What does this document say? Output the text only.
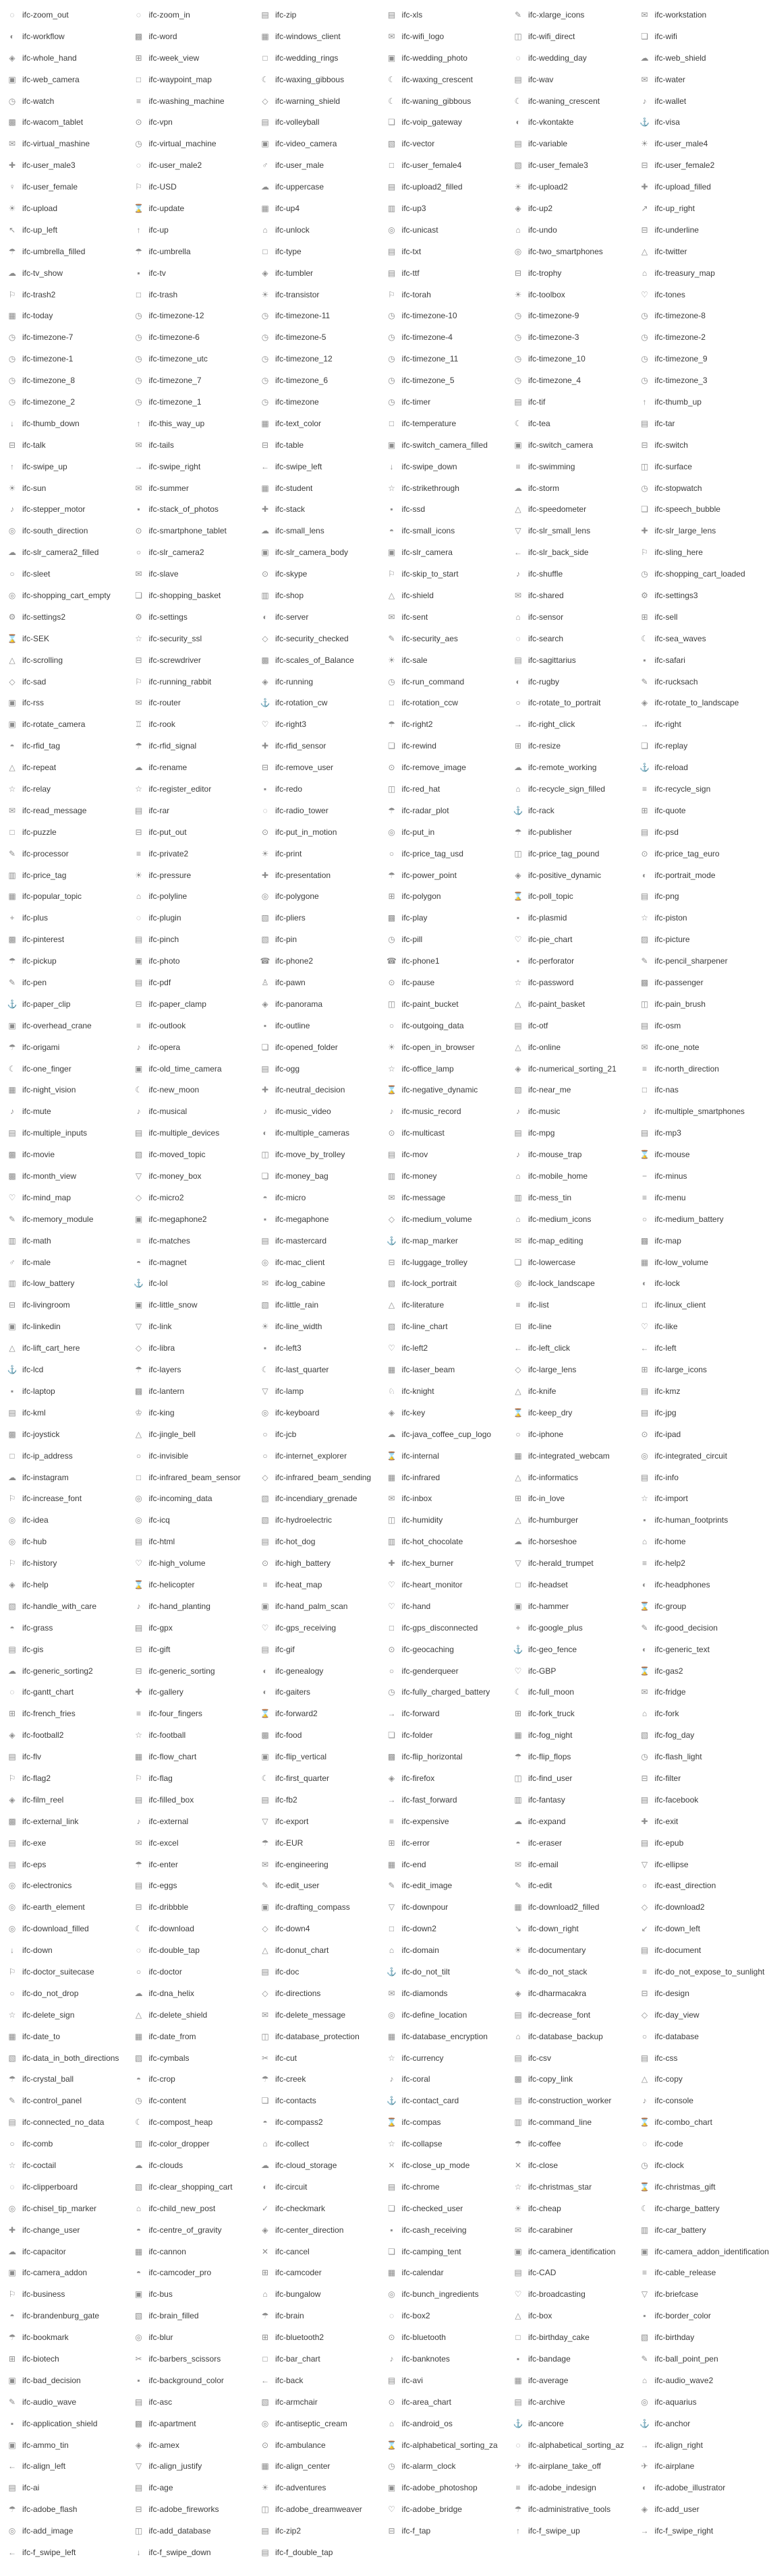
◌ ifc-zoom_out	◌ ifc-zoom_in	▤ ifc-zip	▤ ifc-xls	✎ ifc-xlarge_icons	✉ ifc-workstation
◐ ifc-workflow	▩ ifc-word	▦ ifc-windows_client	✉ ifc-wifi_logo	◫ ifc-wifi_direct	❏ ifc-wifi
◈ ifc-whole_hand	⊞ ifc-week_view	□ ifc-wedding_rings	▣ ifc-wedding_photo	◌ ifc-wedding_day	☁ ifc-web_shield
▣ ifc-web_camera	□ ifc-waypoint_map	☾ ifc-waxing_gibbous	☾ ifc-waxing_crescent	▤ ifc-wav	✉ ifc-water
◷ ifc-watch	≡ ifc-washing_machine	◇ ifc-warning_shield	☾ ifc-waning_gibbous	☾ ifc-waning_crescent	♪	ifc-wallet
▩ ifc-wacom_tablet	⊙ ifc-vpn	▤ ifc-volleyball	❏ ifc-voip_gateway	◐ ifc-vkontakte	⚓ ifc-visa
✉ ifc-virtual_mashine	◷ ifc-virtual_machine	▣ ifc-video_camera	▧ ifc-vector	▤ ifc-variable	☀ ifc-user_male4
✚ ifc-user_male3	◌ ifc-user_male2	♂ ifc-user_male	□ ifc-user_female4	▧ ifc-user_female3	⊟ ifc-user_female2
♀ ifc-user_female	⚐ ifc-USD	☁ ifc-uppercase	▤ ifc-upload2_filled	☀ ifc-upload2	✚ ifc-upload_filled
☀ ifc-upload	⌛ ifc-update	▦ ifc-up4	▥ ifc-up3	◈ ifc-up2	↗ ifc-up_right
↖ ifc-up_left	↑	ifc-up	⌂ ifc-unlock	◎ ifc-unicast	⌂ ifc-undo	⊟ ifc-underline
☂ ifc-umbrella_filled	☂ ifc-umbrella	□ ifc-type	▤ ifc-txt	◎ ifc-two_smartphones	△ ifc-twitter
☁ ifc-tv_show	▪	ifc-tv	◈ ifc-tumbler	▤ ifc-ttf	⊟ ifc-trophy	⌂ ifc-treasury_map
⚐ ifc-trash2	□ ifc-trash	☀ ifc-transistor	⚐ ifc-torah	☀ ifc-toolbox	♡ ifc-tones
▦ ifc-today	◷ ifc-timezone-12	◷ ifc-timezone-11	◷ ifc-timezone-10	◷ ifc-timezone-9	◷ ifc-timezone-8
◷ ifc-timezone-7	◷ ifc-timezone-6	◷ ifc-timezone-5	◷ ifc-timezone-4	◷ ifc-timezone-3	◷ ifc-timezone-2
◷ ifc-timezone-1	◷ ifc-timezone_utc	◷ ifc-timezone_12	◷ ifc-timezone_11	◷ ifc-timezone_10	◷ ifc-timezone_9
◷ ifc-timezone_8	◷ ifc-timezone_7	◷ ifc-timezone_6	◷ ifc-timezone_5	◷ ifc-timezone_4	◷ ifc-timezone_3
◷ ifc-timezone_2	◷ ifc-timezone_1	◷ ifc-timezone	◷ ifc-timer	▤ ifc-tif	↑	ifc-thumb_up
↓	ifc-thumb_down	↑	ifc-this_way_up	▦ ifc-text_color	□ ifc-temperature	☾ ifc-tea	▤ ifc-tar
⊟ ifc-talk	✉ ifc-tails	⊟ ifc-table	▣ ifc-switch_camera_filled	▣ ifc-switch_camera	⊟ ifc-switch
↑	ifc-swipe_up	→ ifc-swipe_right	← ifc-swipe_left	↓	ifc-swipe_down	≡ ifc-swimming	◫ ifc-surface
☀ ifc-sun	✉ ifc-summer	▦ ifc-student	☆ ifc-strikethrough	☁ ifc-storm	◷ ifc-stopwatch
♪	ifc-stepper_motor	▪	ifc-stack_of_photos	✚ ifc-stack	▪	ifc-ssd	△ ifc-speedometer	❏ ifc-speech_bubble
◎ ifc-south_direction	⊙ ifc-smartphone_tablet	☁ ifc-small_lens	◓ ifc-small_icons	▽ ifc-slr_small_lens	✚ ifc-slr_large_lens
☁ ifc-slr_camera2_filled	○ ifc-slr_camera2	▣ ifc-slr_camera_body	▣ ifc-slr_camera	← ifc-slr_back_side	⚐ ifc-sling_here
○ ifc-sleet	✉ ifc-slave	⊙ ifc-skype	⚐ ifc-skip_to_start	♪	ifc-shuffle	◷ ifc-shopping_cart_loaded
◎ ifc-shopping_cart_empty	❏ ifc-shopping_basket	▥ ifc-shop	△ ifc-shield	✉ ifc-shared	⚙ ifc-settings3
⚙ ifc-settings2	⚙ ifc-settings	◐ ifc-server	✉ ifc-sent	⌂ ifc-sensor	⊞ ifc-sell
⌛ ifc-SEK	☆ ifc-security_ssl	◇ ifc-security_checked	✎ ifc-security_aes	◌ ifc-search	☾ ifc-sea_waves
△ ifc-scrolling	⊟ ifc-screwdriver	▩ ifc-scales_of_Balance	☀ ifc-sale	▤ ifc-sagittarius	▪	ifc-safari
◇ ifc-sad	⚐ ifc-running_rabbit	◈ ifc-running	◷ ifc-run_command	◐ ifc-rugby	✎ ifc-rucksach
▣ ifc-rss	✉ ifc-router	⚓ ifc-rotation_cw	□ ifc-rotation_ccw	○ ifc-rotate_to_portrait	◈ ifc-rotate_to_landscape
▣ ifc-rotate_camera	♖ ifc-rook	♡ ifc-right3	☂ ifc-right2	→ ifc-right_click	→ ifc-right
◓ ifc-rfid_tag	☂ ifc-rfid_signal	✚ ifc-rfid_sensor	❏ ifc-rewind	⊞ ifc-resize	❏ ifc-replay
△ ifc-repeat	☁ ifc-rename	⊟ ifc-remove_user	⊙ ifc-remove_image	☁ ifc-remote_working	⚓ ifc-reload
☆ ifc-relay	☆ ifc-register_editor	▪	ifc-redo	◫ ifc-red_hat	⌂ ifc-recycle_sign_filled	≡ ifc-recycle_sign
✉ ifc-read_message	▤ ifc-rar	◌ ifc-radio_tower	☂ ifc-radar_plot	⚓ ifc-rack	⊞ ifc-quote
□ ifc-puzzle	⊟ ifc-put_out	⊙ ifc-put_in_motion	◎ ifc-put_in	☂ ifc-publisher	▤ ifc-psd
✎ ifc-processor	≡ ifc-private2	☀ ifc-print	○ ifc-price_tag_usd	◫ ifc-price_tag_pound	⊙ ifc-price_tag_euro
▥ ifc-price_tag	☀ ifc-pressure	✚ ifc-presentation	☂ ifc-power_point	◈ ifc-positive_dynamic	◐ ifc-portrait_mode
▦ ifc-popular_topic	⌂ ifc-polyline	◎ ifc-polygone	⊞ ifc-polygon	⌛ ifc-poll_topic	▤ ifc-png
+ ifc-plus	◌ ifc-plugin	▧ ifc-pliers	▩ ifc-play	▪	ifc-plasmid	☆ ifc-piston
▩ ifc-pinterest	▤ ifc-pinch	▧ ifc-pin	◷ ifc-pill	♡ ifc-pie_chart	▨ ifc-picture
☂ ifc-pickup	▣ ifc-photo	☎ ifc-phone2	☎ ifc-phone1	▪	ifc-perforator	✎ ifc-pencil_sharpener
✎ ifc-pen	▤ ifc-pdf	♙ ifc-pawn	⊙ ifc-pause	☆ ifc-password	▩ ifc-passenger
⚓ ifc-paper_clip	⊟ ifc-paper_clamp	◈ ifc-panorama	◫ ifc-paint_bucket	△ ifc-paint_basket	◫ ifc-pain_brush
▣ ifc-overhead_crane	≡ ifc-outlook	▪	ifc-outline	○ ifc-outgoing_data	▤ ifc-otf	▤ ifc-osm
☂ ifc-origami	♪	ifc-opera	❏ ifc-opened_folder	☀ ifc-open_in_browser	△ ifc-online	✉ ifc-one_note
☾ ifc-one_finger	▣ ifc-old_time_camera	▤ ifc-ogg	☆ ifc-office_lamp	◈ ifc-numerical_sorting_21	≡ ifc-north_direction
▦ ifc-night_vision	☾ ifc-new_moon	✚ ifc-neutral_decision	⌛ ifc-negative_dynamic	▧ ifc-near_me	□ ifc-nas
♪	ifc-mute	♪	ifc-musical	♪	ifc-music_video	♪	ifc-music_record	♪	ifc-music	♪	ifc-multiple_smartphones
▤ ifc-multiple_inputs	▤ ifc-multiple_devices	◐ ifc-multiple_cameras	⊙ ifc-multicast	▤ ifc-mpg	▤ ifc-mp3
▩ ifc-movie	▧ ifc-moved_topic	◫ ifc-move_by_trolley	▤ ifc-mov	♪	ifc-mouse_trap	⌛ ifc-mouse
▩ ifc-month_view	▽ ifc-money_box	❏ ifc-money_bag	▥ ifc-money	⌂ ifc-mobile_home	− ifc-minus
♡ ifc-mind_map	◇ ifc-micro2	◓ ifc-micro	✉ ifc-message	▥ ifc-mess_tin	≡ ifc-menu
✎ ifc-memory_module	▣ ifc-megaphone2	▪	ifc-megaphone	◇ ifc-medium_volume	⌂ ifc-medium_icons	○ ifc-medium_battery
▥ ifc-math	≡ ifc-matches	▤ ifc-mastercard	⚓ ifc-map_marker	✉ ifc-map_editing	▩ ifc-map
♂ ifc-male	◓ ifc-magnet	◎ ifc-mac_client	⊟ ifc-luggage_trolley	❏ ifc-lowercase	▦ ifc-low_volume
▥ ifc-low_battery	⚓ ifc-lol	✉ ifc-log_cabine	▧ ifc-lock_portrait	◎ ifc-lock_landscape	◐ ifc-lock
⊟ ifc-livingroom	▣ ifc-little_snow	▧ ifc-little_rain	△ ifc-literature	≡ ifc-list	□ ifc-linux_client
▣ ifc-linkedin	▽ ifc-link	☀ ifc-line_width	▧ ifc-line_chart	⊟ ifc-line	♡ ifc-like
△ ifc-lift_cart_here	◇ ifc-libra	▪	ifc-left3	♡ ifc-left2	← ifc-left_click	← ifc-left
⚓ ifc-lcd	☂ ifc-layers	☾ ifc-last_quarter	▦ ifc-laser_beam	◇ ifc-large_lens	⊞ ifc-large_icons
▪	ifc-laptop	▩ ifc-lantern	▽ ifc-lamp	♘ ifc-knight	△ ifc-knife	▤ ifc-kmz
▤ ifc-kml	♔ ifc-king	◎ ifc-keyboard	◈ ifc-key	⌛ ifc-keep_dry	▤ ifc-jpg
▩ ifc-joystick	△ ifc-jingle_bell	○ ifc-jcb	☁ ifc-java_coffee_cup_logo	○ ifc-iphone	⊙ ifc-ipad
□ ifc-ip_address	○ ifc-invisible	○ ifc-internet_explorer	⌛ ifc-internal	▦ ifc-integrated_webcam	◎ ifc-integrated_circuit
☁ ifc-instagram	□ ifc-infrared_beam_sensor	◇ ifc-infrared_beam_sending ▦ ifc-infrared	△ ifc-informatics	▤ ifc-info
⚐ ifc-increase_font	◎ ifc-incoming_data	▧ ifc-incendiary_grenade	✉ ifc-inbox	⊞ ifc-in_love	☆ ifc-import
◎ ifc-idea	◎ ifc-icq	▧ ifc-hydroelectric	◫ ifc-humidity	△ ifc-humburger	▪	ifc-human_footprints
◎ ifc-hub	▤ ifc-html	▤ ifc-hot_dog	▥ ifc-hot_chocolate	☁ ifc-horseshoe	⌂ ifc-home
⚐ ifc-history	♡ ifc-high_volume	⊙ ifc-high_battery	✚ ifc-hex_burner	▽ ifc-herald_trumpet	≡ ifc-help2
◈ ifc-help	⌛ ifc-helicopter	≡ ifc-heat_map	♡ ifc-heart_monitor	□ ifc-headset	◐ ifc-headphones
▧ ifc-handle_with_care	♪	ifc-hand_planting	▣ ifc-hand_palm_scan	♡ ifc-hand	▣ ifc-hammer	⌛ ifc-group
◓ ifc-grass	▤ ifc-gpx	♡ ifc-gps_receiving	□ ifc-gps_disconnected	+ ifc-google_plus	✎ ifc-good_decision
▤ ifc-gis	⊟ ifc-gift	▤ ifc-gif	⊙ ifc-geocaching	⚓ ifc-geo_fence	◐ ifc-generic_text
☁ ifc-generic_sorting2	⊟ ifc-generic_sorting	◐ ifc-genealogy	○ ifc-genderqueer	♡ ifc-GBP	⌛ ifc-gas2
◌ ifc-gantt_chart	✚ ifc-gallery	◐ ifc-gaiters	◷ ifc-fully_charged_battery	☾ ifc-full_moon	✉ ifc-fridge
⊞ ifc-french_fries	≡ ifc-four_fingers	⌛ ifc-forward2	→ ifc-forward	⊞ ifc-fork_truck	⌂ ifc-fork
◈ ifc-football2	☆ ifc-football	▩ ifc-food	❏ ifc-folder	▦ ifc-fog_night	▧ ifc-fog_day
▤ ifc-flv	▦ ifc-flow_chart	▣ ifc-flip_vertical	▩ ifc-flip_horizontal	☂ ifc-flip_flops	◷ ifc-flash_light
⚐ ifc-flag2	⚐ ifc-flag	☾ ifc-first_quarter	◈ ifc-firefox	◫ ifc-find_user	⊟ ifc-filter
◈ ifc-film_reel	▤ ifc-filled_box	▤ ifc-fb2	→ ifc-fast_forward	▥ ifc-fantasy	▤ ifc-facebook
▩ ifc-external_link	♪	ifc-external	▽ ifc-export	≡ ifc-expensive	☁ ifc-expand	✚ ifc-exit
▤ ifc-exe	✉ ifc-excel	☂ ifc-EUR	⊞ ifc-error	◓ ifc-eraser	▤ ifc-epub
▤ ifc-eps	☂ ifc-enter	✉ ifc-engineering	▦ ifc-end	✉ ifc-email	▽ ifc-ellipse
◎ ifc-electronics	▤ ifc-eggs	✎ ifc-edit_user	✎ ifc-edit_image	✎ ifc-edit	○ ifc-east_direction
◎ ifc-earth_element	⊟ ifc-dribbble	▣ ifc-drafting_compass	▽ ifc-downpour	▦ ifc-download2_filled	◇ ifc-download2
◎ ifc-download_filled	☾ ifc-download	◇ ifc-down4	□ ifc-down2	↘ ifc-down_right	↙ ifc-down_left
↓	ifc-down	◌ ifc-double_tap	△ ifc-donut_chart	⌂ ifc-domain	☀ ifc-documentary	▤ ifc-document
⚐ ifc-doctor_suitecase	○ ifc-doctor	▤ ifc-doc	⚓ ifc-do_not_tilt	✎ ifc-do_not_stack	≡ ifc-do_not_expose_to_sunlight
○ ifc-do_not_drop	☁ ifc-dna_helix	◇ ifc-directions	✉ ifc-diamonds	◈ ifc-dharmacakra	⊟ ifc-design
☆ ifc-delete_sign	△ ifc-delete_shield	✉ ifc-delete_message	◎ ifc-define_location	▤ ifc-decrease_font	◇ ifc-day_view
▦ ifc-date_to	▦ ifc-date_from	◫ ifc-database_protection	▦ ifc-database_encryption	⌂ ifc-database_backup	○ ifc-database
▧ ifc-data_in_both_directions ▧ ifc-cymbals	✂ ifc-cut	☆ ifc-currency	▤ ifc-csv	▤ ifc-css
☂ ifc-crystal_ball	◓ ifc-crop	☂ ifc-creek	♪	ifc-coral	▩ ifc-copy_link	△ ifc-copy
✎ ifc-control_panel	◷ ifc-content	❏ ifc-contacts	⚓ ifc-contact_card	▤ ifc-construction_worker	♪	ifc-console
▤ ifc-connected_no_data	☾ ifc-compost_heap	◓ ifc-compass2	⌛ ifc-compas	▥ ifc-command_line	⌛ ifc-combo_chart
○ ifc-comb	▥ ifc-color_dropper	⌂ ifc-collect	☆ ifc-collapse	☂ ifc-coffee	◌ ifc-code
☆ ifc-coctail	☁ ifc-clouds	☁ ifc-cloud_storage	✕ ifc-close_up_mode	✕ ifc-close	◷ ifc-clock
◌ ifc-clipperboard	▧ ifc-clear_shopping_cart	◐ ifc-circuit	▤ ifc-chrome	☆ ifc-christmas_star	⌛ ifc-christmas_gift
◎ ifc-chisel_tip_marker	⌂ ifc-child_new_post	✓ ifc-checkmark	❏ ifc-checked_user	☀ ifc-cheap	☾ ifc-charge_battery
✚ ifc-change_user	◓ ifc-centre_of_gravity	◈ ifc-center_direction	▪	ifc-cash_receiving	✉ ifc-carabiner	▥ ifc-car_battery
☁ ifc-capacitor	▦ ifc-cannon	✕ ifc-cancel	❏ ifc-camping_tent	▣ ifc-camera_identification	▣ ifc-camera_addon_identification
▣ ifc-camera_addon	◓ ifc-camcoder_pro	⊞ ifc-camcoder	▦ ifc-calendar	▤ ifc-CAD	≡ ifc-cable_release
⚐ ifc-business	▣ ifc-bus	⌂ ifc-bungalow	◎ ifc-bunch_ingredients	♡ ifc-broadcasting	▽ ifc-briefcase
◓ ifc-brandenburg_gate	▧ ifc-brain_filled	☂ ifc-brain	◌ ifc-box2	△ ifc-box	▪	ifc-border_color
☂ ifc-bookmark	◎ ifc-blur	⊞ ifc-bluetooth2	⊙ ifc-bluetooth	□ ifc-birthday_cake	▧ ifc-birthday
⊞ ifc-biotech	✂ ifc-barbers_scissors	□ ifc-bar_chart	♪	ifc-banknotes	▪	ifc-bandage	✎ ifc-ball_point_pen
▣ ifc-bad_decision	▪	ifc-background_color	← ifc-back	▤ ifc-avi	▦ ifc-average	⌂ ifc-audio_wave2
✎ ifc-audio_wave	▤ ifc-asc	▧ ifc-armchair	⊙ ifc-area_chart	▤ ifc-archive	◎ ifc-aquarius
▪	ifc-application_shield	▩ ifc-apartment	◎ ifc-antiseptic_cream	⌂ ifc-android_os	⚓ ifc-ancore	⚓ ifc-anchor
▣ ifc-ammo_tin	◈ ifc-amex	⊙ ifc-ambulance	⌛ ifc-alphabetical_sorting_za	◌ ifc-alphabetical_sorting_az → ifc-align_right
← ifc-align_left	▽ ifc-align_justify	▦ ifc-align_center	◷ ifc-alarm_clock	✈ ifc-airplane_take_off	✈ ifc-airplane
▤ ifc-ai	▤ ifc-age	☀ ifc-adventures	▣ ifc-adobe_photoshop	≡ ifc-adobe_indesign	◐ ifc-adobe_illustrator
☂ ifc-adobe_flash	⊟ ifc-adobe_fireworks	◫ ifc-adobe_dreamweaver	♡ ifc-adobe_bridge	☂ ifc-administrative_tools	◈ ifc-add_user
◎ ifc-add_image	◫ ifc-add_database	▤ ifc-zip2	⊟ ifc-f_tap	↑	ifc-f_swipe_up	→ ifc-f_swipe_right
← ifc-f_swipe_left	↓	ifc-f_swipe_down	▤ ifc-f_double_tap
